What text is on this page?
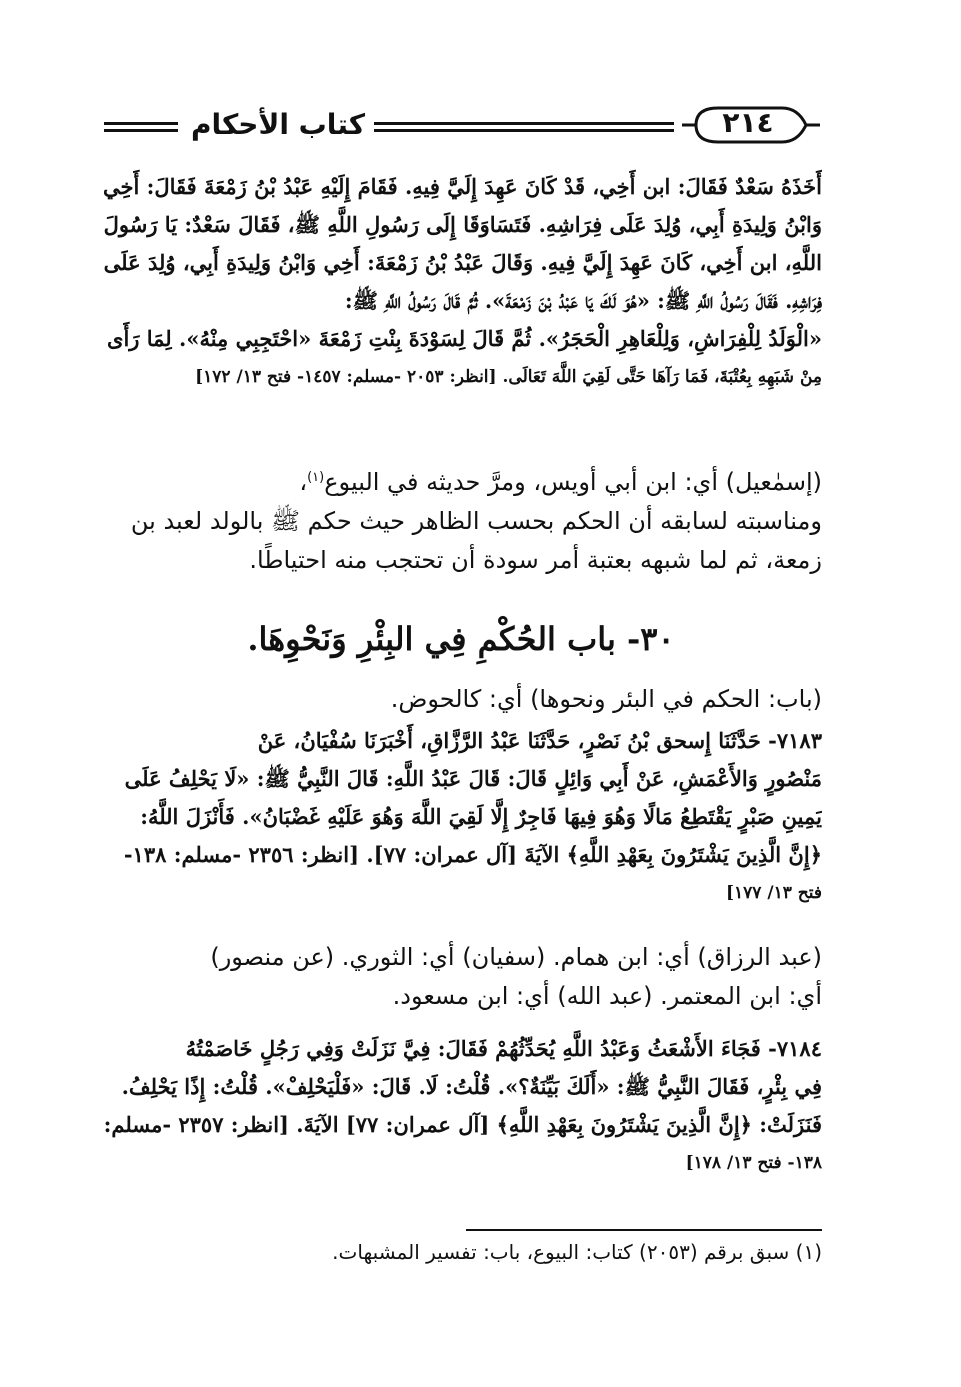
كتاب الأحكام	٢١٤
أَخَذَهُ سَعْدٌ فَقَالَ: ابن أَخِي، قَدْ كَانَ عَهِدَ إِلَيَّ فِيهِ. فَقَامَ إِلَيْهِ عَبْدُ بْنُ زَمْعَةَ فَقَالَ: أَخِي
وَابْنُ وَلِيدَةِ أَبِي، وُلِدَ عَلَى فِرَاشِهِ. فَتَسَاوَقَا إِلَى رَسُولِ اللَّهِ ﷺ، فَقَالَ سَعْدٌ: يَا رَسُولَ
اللَّهِ، ابن أَخِي، كَانَ عَهِدَ إِلَيَّ فِيهِ. وَقَالَ عَبْدُ بْنُ زَمْعَةَ: أَخِي وَابْنُ وَلِيدَةِ أَبِي، وُلِدَ عَلَى
فِرَاشِهِ. فَقَالَ رَسُولُ اللَّهِ ﷺ: «هُوَ لَكَ يَا عَبْدُ بْنَ زَمْعَةَ». ثُمَّ قَالَ رَسُولُ اللَّهِ ﷺ:
«الْوَلَدُ لِلْفِرَاشِ، وَلِلْعَاهِرِ الْحَجَرُ». ثُمَّ قَالَ لِسَوْدَةَ بِنْتِ زَمْعَةَ «احْتَجِبِي مِنْهُ». لِمَا رَأَى
مِنْ شَبَهِهِ بِعُتْبَةَ، فَمَا رَآهَا حَتَّى لَقِيَ اللَّهَ تَعَالَى. [انظر: ٢٠٥٣ -مسلم: ١٤٥٧- فتح ١٣/ ١٧٢]
(إسمٰعيل) أي: ابن أبي أويس، ومرَّ حديثه في البيوع$^{(١)}$،
ومناسبته لسابقه أن الحكم بحسب الظاهر حيث حكم ﷺ بالولد لعبد بن
زمعة، ثم لما شبهه بعتبة أمر سودة أن تحتجب منه احتياطًا.
٣٠- باب الحُكْمِ فِي البِئْرِ وَنَحْوِهَا.
(باب: الحكم في البئر ونحوها) أي: كالحوض.
٧١٨٣- حَدَّثَنَا إِسحق بْنُ نَصْرٍ، حَدَّثَنَا عَبْدُ الرَّزَّاقِ، أَخْبَرَنَا سُفْيَانُ، عَنْ
مَنْصُورٍ وَالأَعْمَشِ، عَنْ أَبِي وَائِلٍ قَالَ: قَالَ عَبْدُ اللَّهِ: قَالَ النَّبِيُّ ﷺ: «لَا يَحْلِفُ عَلَى
يَمِينِ صَبْرٍ يَقْتَطِعُ مَالًا وَهُوَ فِيهَا فَاجِرٌ إِلَّا لَقِيَ اللَّهَ وَهُوَ عَلَيْهِ غَضْبَانُ». فَأَنْزَلَ اللَّهُ:
﴿إِنَّ الَّذِينَ يَشْتَرُونَ بِعَهْدِ اللَّهِ﴾ الآيَةَ [آل عمران: ٧٧]. [انظر: ٢٣٥٦ -مسلم: ١٣٨-
فتح ١٣/ ١٧٧]
(عبد الرزاق) أي: ابن همام. (سفيان) أي: الثوري. (عن منصور)
أي: ابن المعتمر. (عبد الله) أي: ابن مسعود.
٧١٨٤- فَجَاءَ الأَشْعَثُ وَعَبْدُ اللَّهِ يُحَدِّثُهُمْ فَقَالَ: فِيَّ نَزَلَتْ وَفِي رَجُلٍ خَاصَمْتُهُ
فِي بِئْرٍ، فَقَالَ النَّبِيُّ ﷺ: «أَلَكَ بَيِّنَةٌ؟». قُلْتُ: لَا. قَالَ: «فَلْيَحْلِفْ». قُلْتُ: إِذًا يَحْلِفُ.
فَنَزَلَتْ: ﴿إِنَّ الَّذِينَ يَشْتَرُونَ بِعَهْدِ اللَّهِ﴾ [آل عمران: ٧٧] الآيَةَ. [انظر: ٢٣٥٧ -مسلم:
١٣٨- فتح ١٣/ ١٧٨]
(١) سبق برقم (٢٠٥٣) كتاب: البيوع، باب: تفسير المشبهات.
